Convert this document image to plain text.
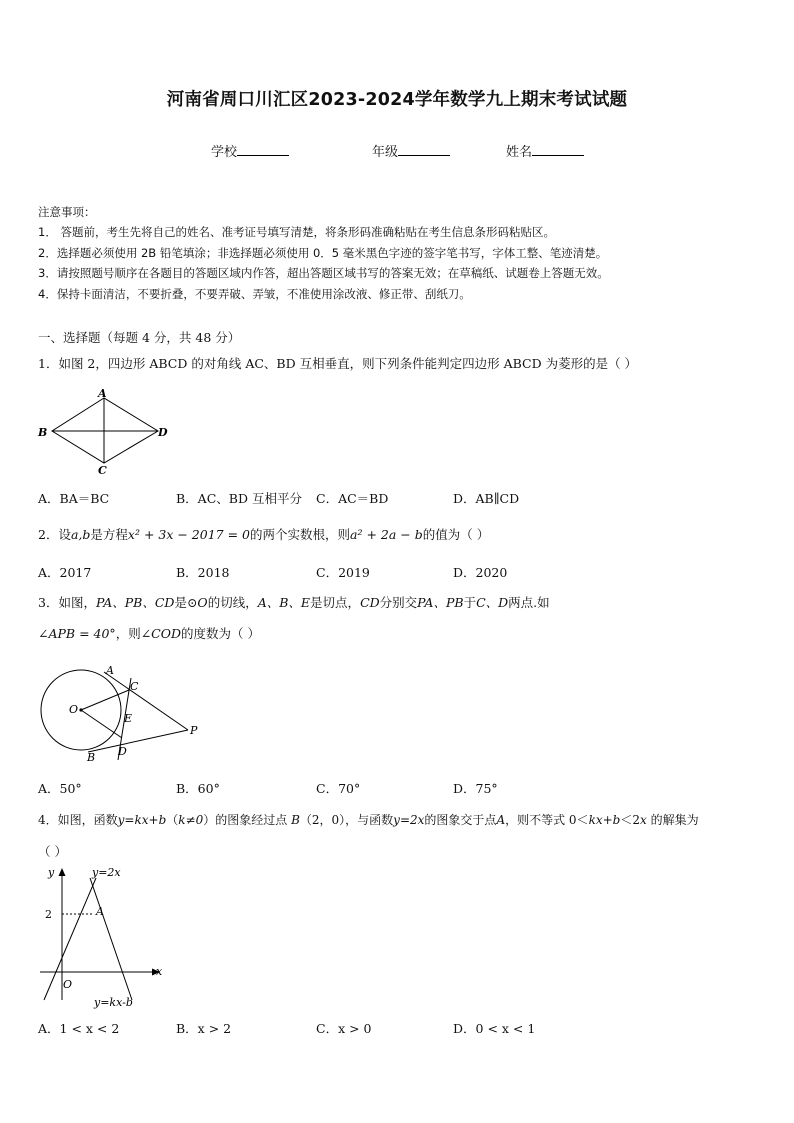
河南省周口川汇区2023-2024学年数学九上期末考试试题
学校	年级	姓名
注意事项：
1． 答题前，考生先将自己的姓名、准考证号填写清楚，将条形码准确粘贴在考生信息条形码粘贴区。
2．选择题必须使用 2B 铅笔填涂；非选择题必须使用 0．5 毫米黑色字迹的签字笔书写，字体工整、笔迹清楚。
3．请按照题号顺序在各题目的答题区域内作答，超出答题区域书写的答案无效；在草稿纸、试题卷上答题无效。
4．保持卡面清洁，不要折叠，不要弄破、弄皱，不准使用涂改液、修正带、刮纸刀。
一、选择题（每题 4 分，共 48 分）
1．如图 2，四边形 ABCD 的对角线 AC、BD 互相垂直，则下列条件能判定四边形 ABCD 为菱形的是（ ）
A
B
C
D
A．BA＝BC	B．AC、BD 互相平分 C．AC＝BD	D．AB∥CD
2．设a,b是方程x² + 3x − 2017 = 0的两个实数根，则a² + 2a − b的值为（ ）
A．2017	B．2018	C．2019	D．2020
3．如图，PA、PB、CD是⊙O的切线，A、B、E是切点，CD分别交PA、PB于C、D两点.如
∠APB = 40°，则∠COD的度数为（ ）
A
C
O
E
P
B D
A．50°	B．60°	C．70°	D．75°
4．如图，函数y=kx+b（k≠0）的图象经过点 B（2，0），与函数y=2x的图象交于点A，则不等式 0＜kx+b＜2x 的解集为
（ ）
y	y=2x
2	A
x
O
y=kx-b
A．1 < x < 2	B．x > 2	C．x > 0	D．0 < x < 1
